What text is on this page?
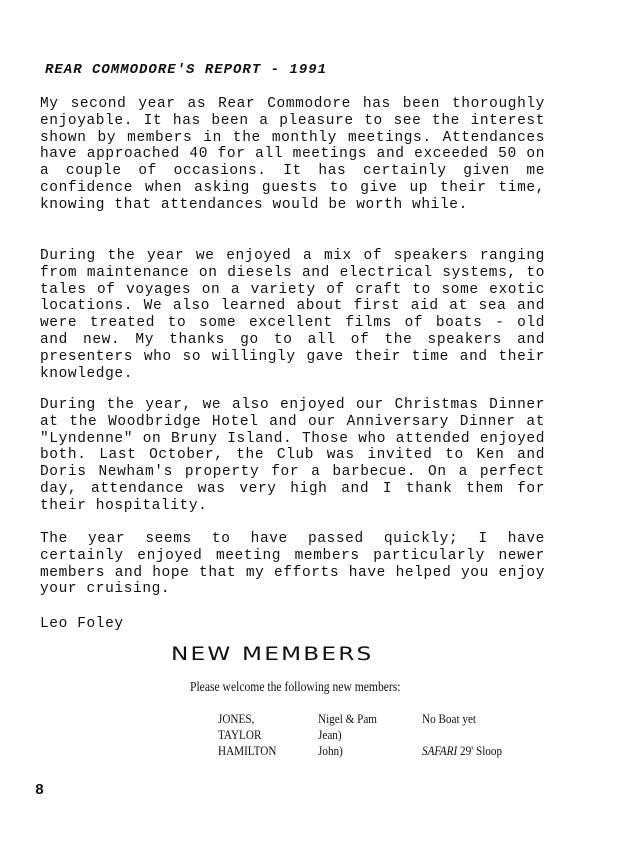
REAR COMMODORE'S REPORT - 1991

My second year as Rear Commodore has been thoroughly enjoyable. It has been a pleasure to see the interest shown by members in the monthly meetings. Attendances have approached 40 for all meetings and exceeded 50 on a couple of occasions. It has certainly given me confidence when asking guests to give up their time, knowing that attendances would be worth while.

During the year we enjoyed a mix of speakers ranging from maintenance on diesels and electrical systems, to tales of voyages on a variety of craft to some exotic locations. We also learned about first aid at sea and were treated to some excellent films of boats - old and new. My thanks go to all of the speakers and presenters who so willingly gave their time and their knowledge.

During the year, we also enjoyed our Christmas Dinner at the Woodbridge Hotel and our Anniversary Dinner at "Lyndenne" on Bruny Island. Those who attended enjoyed both. Last October, the Club was invited to Ken and Doris Newham's property for a barbecue. On a perfect day, attendance was very high and I thank them for their hospitality.

The year seems to have passed quickly; I have certainly enjoyed meeting members particularly newer members and hope that my efforts have helped you enjoy your cruising.

Leo Foley
NEW MEMBERS
Please welcome the following new members:
JONES,	Nigel & Pam	No Boat yet
TAYLOR	Jean)
HAMILTON	John)	SAFARI 29' Sloop
8
